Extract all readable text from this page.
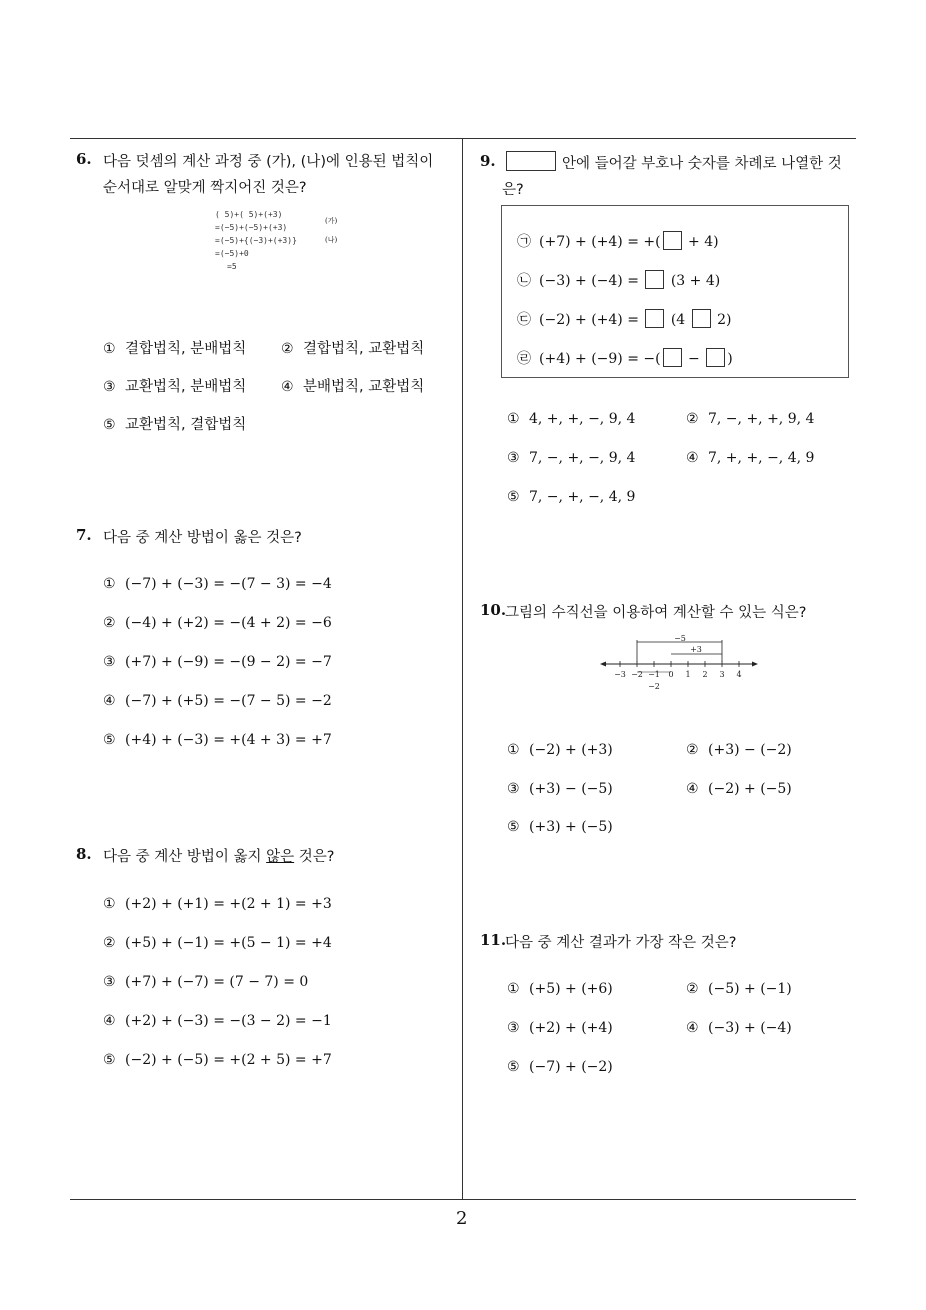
2
6. 다음 덧셈의 계산 과정 중 (가), (나)에 인용된 법칙이
순서대로 알맞게 짝지어진 것은?
( 5)+( 5)+(+3)
=(−5)+(−5)+(+3)
=(−5)+{(−3)+(+3)}
=(−5)+0
=5
(가)
(나)
① 결합법칙, 분배법칙 ② 결합법칙, 교환법칙
③ 교환법칙, 분배법칙 ④ 분배법칙, 교환법칙
⑤ 교환법칙, 결합법칙
7. 다음 중 계산 방법이 옳은 것은?
① (−7) + (−3) = −(7 − 3) = −4
② (−4) + (+2) = −(4 + 2) = −6
③ (+7) + (−9) = −(9 − 2) = −7
④ (−7) + (+5) = −(7 − 5) = −2
⑤ (+4) + (−3) = +(4 + 3) = +7
8. 다음 중 계산 방법이 옳지 않은 것은?
① (+2) + (+1) = +(2 + 1) = +3
② (+5) + (−1) = +(5 − 1) = +4
③ (+7) + (−7) = (7 − 7) = 0
④ (+2) + (−3) = −(3 − 2) = −1
⑤ (−2) + (−5) = +(2 + 5) = +7
9.	안에 들어갈 부호나 숫자를 차례로 나열한 것
은?
㉠ (+7) + (+4) = +( + 4)
㉡ (−3) + (−4) =  (3 + 4)
㉢ (−2) + (+4) =  (4  2)
㉣ (+4) + (−9) = −( − )
① 4, +, +, −, 9, 4	② 7, −, +, +, 9, 4
③ 7, −, +, −, 9, 4	④ 7, +, +, −, 4, 9
⑤ 7, −, +, −, 4, 9
10.
그림의 수직선을 이용하여 계산할 수 있는 식은?
−5
+3
−2
−3 −2 −1 0 1 2 3 4
① (−2) + (+3)	② (+3) − (−2)
③ (+3) − (−5)	④ (−2) + (−5)
⑤ (+3) + (−5)
11.
다음 중 계산 결과가 가장 작은 것은?
① (+5) + (+6)	② (−5) + (−1)
③ (+2) + (+4)	④ (−3) + (−4)
⑤ (−7) + (−2)
